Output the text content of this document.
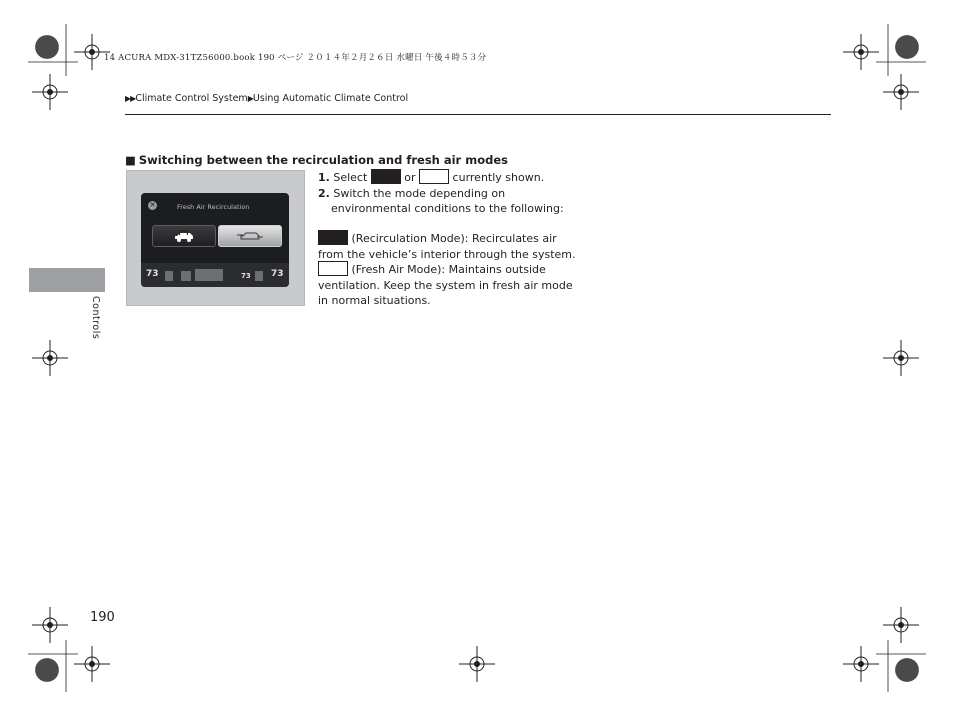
14 ACURA MDX-31TZ56000.book 190 ページ ２０１４年２月２６日 水曜日 午後４時５３分
▶▶Climate Control System▶Using Automatic Climate Control
Controls
■ Switching between the recirculation and fresh air modes
✕	Fresh Air Recirculation
73	73 73
1. Select	or	currently shown.
2. Switch the mode depending on
environmental conditions to the following:
(Recirculation Mode): Recirculates air
from the vehicle’s interior through the system.
(Fresh Air Mode): Maintains outside
ventilation. Keep the system in fresh air mode
in normal situations.
190
